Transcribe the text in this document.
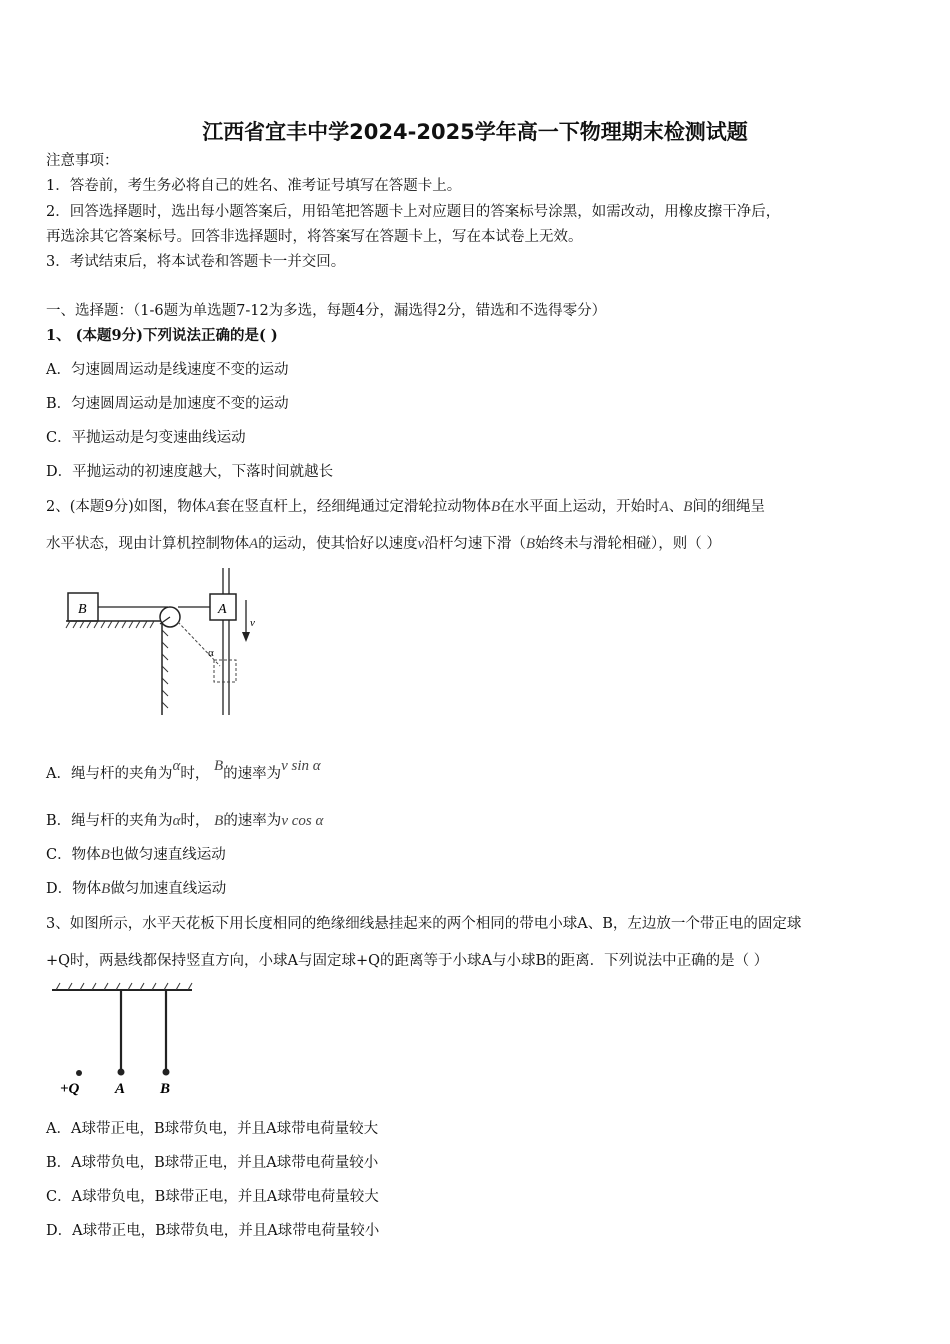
江西省宜丰中学2024-2025学年高一下物理期末检测试题
注意事项：
1．答卷前，考生务必将自己的姓名、准考证号填写在答题卡上。
2．回答选择题时，选出每小题答案后，用铅笔把答题卡上对应题目的答案标号涂黑，如需改动，用橡皮擦干净后，
再选涂其它答案标号。回答非选择题时，将答案写在答题卡上，写在本试卷上无效。
3．考试结束后，将本试卷和答题卡一并交回。
一、选择题：（1-6题为单选题7-12为多选，每题4分，漏选得2分，错选和不选得零分）
1、 (本题9分)下列说法正确的是( )
A．匀速圆周运动是线速度不变的运动
B．匀速圆周运动是加速度不变的运动
C．平抛运动是匀变速曲线运动
D．平抛运动的初速度越大，下落时间就越长
2、(本题9分)如图，物体A套在竖直杆上，经细绳通过定滑轮拉动物体B在水平面上运动，开始时A、B间的细绳呈
水平状态，现由计算机控制物体A的运动，使其恰好以速度v沿杆匀速下滑（B始终未与滑轮相碰），则（ ）
B	A
v
α
A．绳与杆的夹角为α时， B的速率为v sin α
B．绳与杆的夹角为α时， B的速率为v cos α
C．物体B也做匀速直线运动
D．物体B做匀加速直线运动
3、如图所示，水平天花板下用长度相同的绝缘细线悬挂起来的两个相同的带电小球A、B，左边放一个带正电的固定球
+Q时，两悬线都保持竖直方向，小球A与固定球+Q的距离等于小球A与小球B的距离．下列说法中正确的是（ ）
+Q A B
A．A球带正电，B球带负电，并且A球带电荷量较大
B．A球带负电，B球带正电，并且A球带电荷量较小
C．A球带负电，B球带正电，并且A球带电荷量较大
D．A球带正电，B球带负电，并且A球带电荷量较小
